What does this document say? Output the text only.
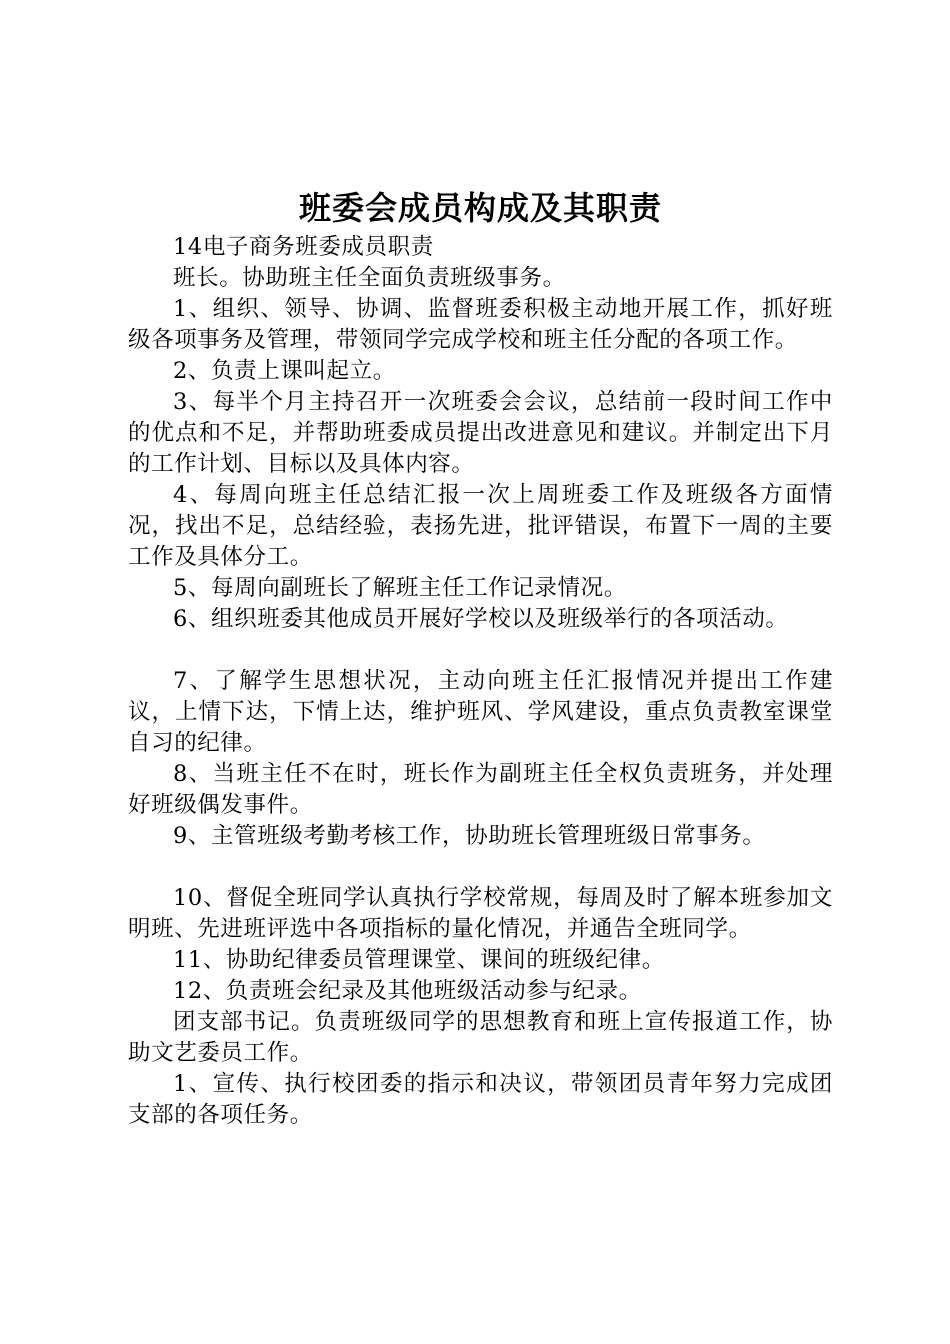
班委会成员构成及其职责

14电子商务班委成员职责

班长。协助班主任全面负责班级事务。

1、组织、领导、协调、监督班委积极主动地开展工作，抓好班级各项事务及管理，带领同学完成学校和班主任分配的各项工作。

2、负责上课叫起立。

3、每半个月主持召开一次班委会会议，总结前一段时间工作中的优点和不足，并帮助班委成员提出改进意见和建议。并制定出下月的工作计划、目标以及具体内容。

4、每周向班主任总结汇报一次上周班委工作及班级各方面情况，找出不足，总结经验，表扬先进，批评错误，布置下一周的主要工作及具体分工。

5、每周向副班长了解班主任工作记录情况。

6、组织班委其他成员开展好学校以及班级举行的各项活动。

7、了解学生思想状况，主动向班主任汇报情况并提出工作建议，上情下达，下情上达，维护班风、学风建设，重点负责教室课堂自习的纪律。

8、当班主任不在时，班长作为副班主任全权负责班务，并处理好班级偶发事件。

9、主管班级考勤考核工作，协助班长管理班级日常事务。

10、督促全班同学认真执行学校常规，每周及时了解本班参加文明班、先进班评选中各项指标的量化情况，并通告全班同学。

11、协助纪律委员管理课堂、课间的班级纪律。

12、负责班会纪录及其他班级活动参与纪录。

团支部书记。负责班级同学的思想教育和班上宣传报道工作，协助文艺委员工作。

1、宣传、执行校团委的指示和决议，带领团员青年努力完成团支部的各项任务。
